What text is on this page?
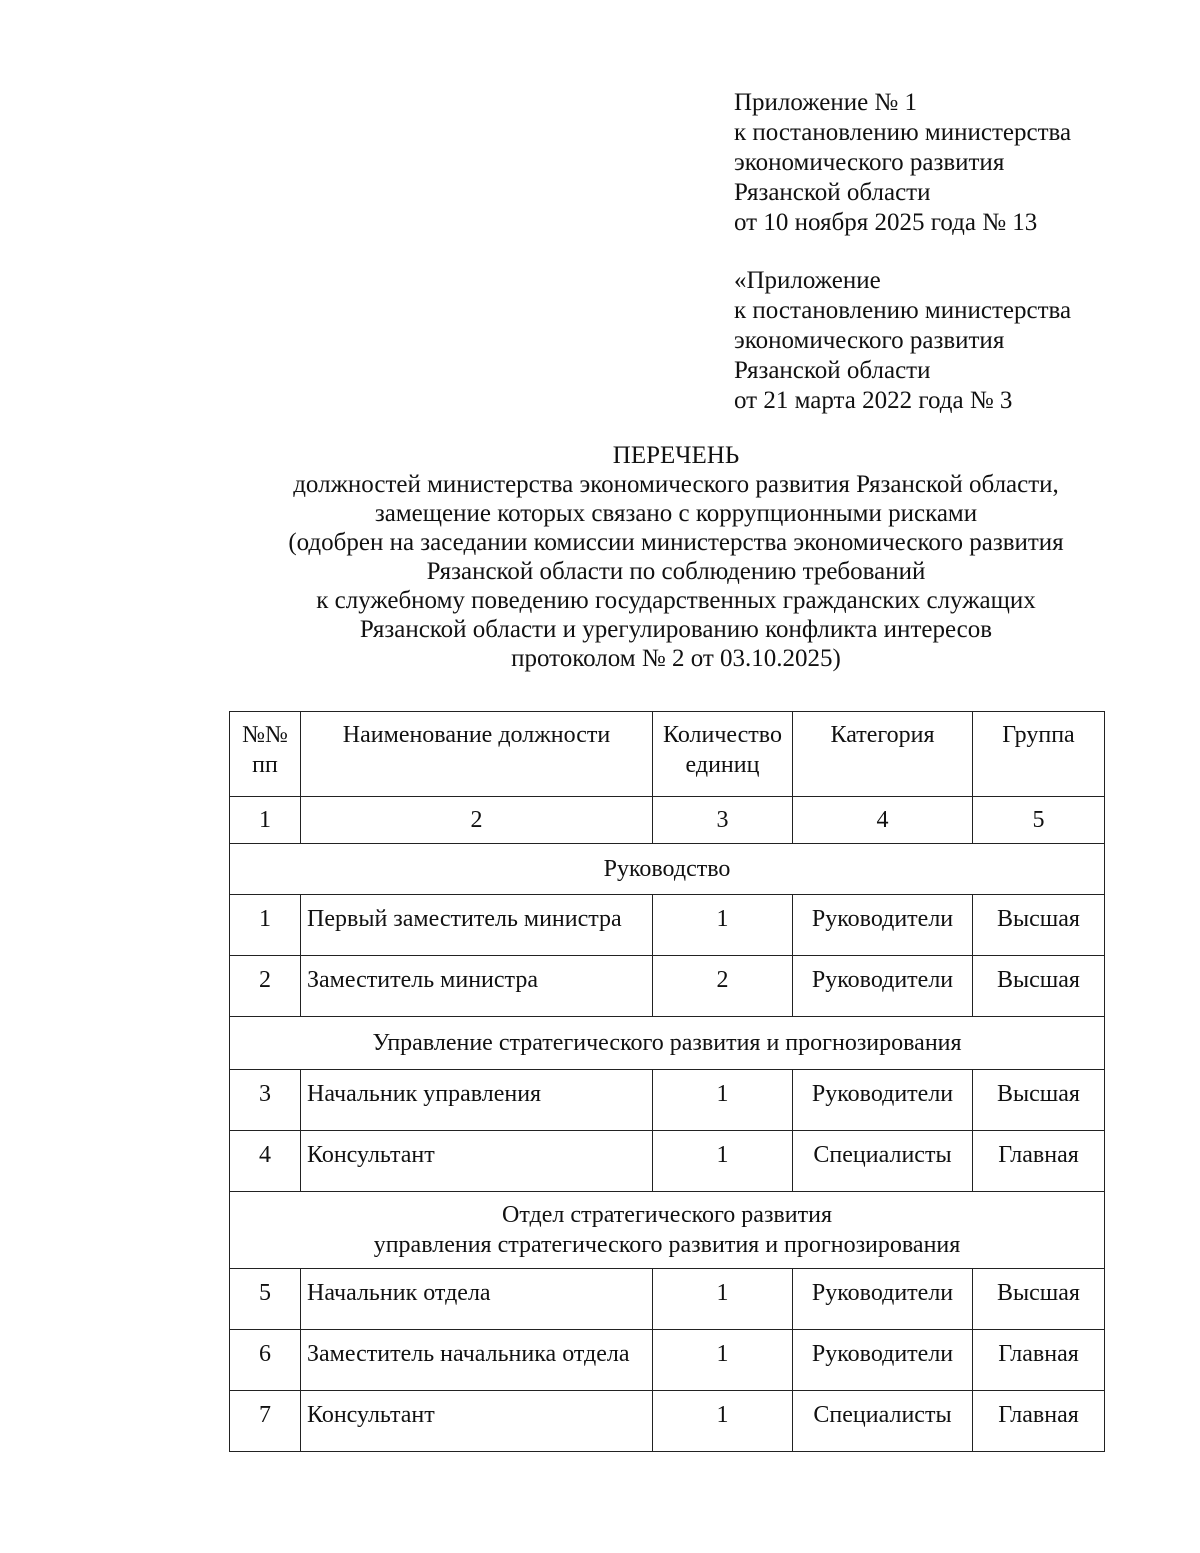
Приложение № 1
к постановлению министерства
экономического развития
Рязанской области
от 10 ноября 2025 года № 13
«Приложение
к постановлению министерства
экономического развития
Рязанской области
от 21 марта 2022 года № 3
ПЕРЕЧЕНЬ
должностей министерства экономического развития Рязанской области,
замещение которых связано с коррупционными рисками
(одобрен на заседании комиссии министерства экономического развития
Рязанской области по соблюдению требований
к служебному поведению государственных гражданских служащих
Рязанской области и урегулированию конфликта интересов
протоколом № 2 от 03.10.2025)
№№ пп	Наименование должности	Количество единиц	Категория	Группа
1	2	3	4	5
Руководство				
1	Первый заместитель министра	1	Руководители	Высшая
2	Заместитель министра	2	Руководители	Высшая
Управление стратегического развития и прогнозирования				
3	Начальник управления	1	Руководители	Высшая
4	Консультант	1	Специалисты	Главная
Отдел стратегического развития
управления стратегического развития и прогнозирования				
5	Начальник отдела	1	Руководители	Высшая
6	Заместитель начальника отдела	1	Руководители	Главная
7	Консультант	1	Специалисты	Главная
